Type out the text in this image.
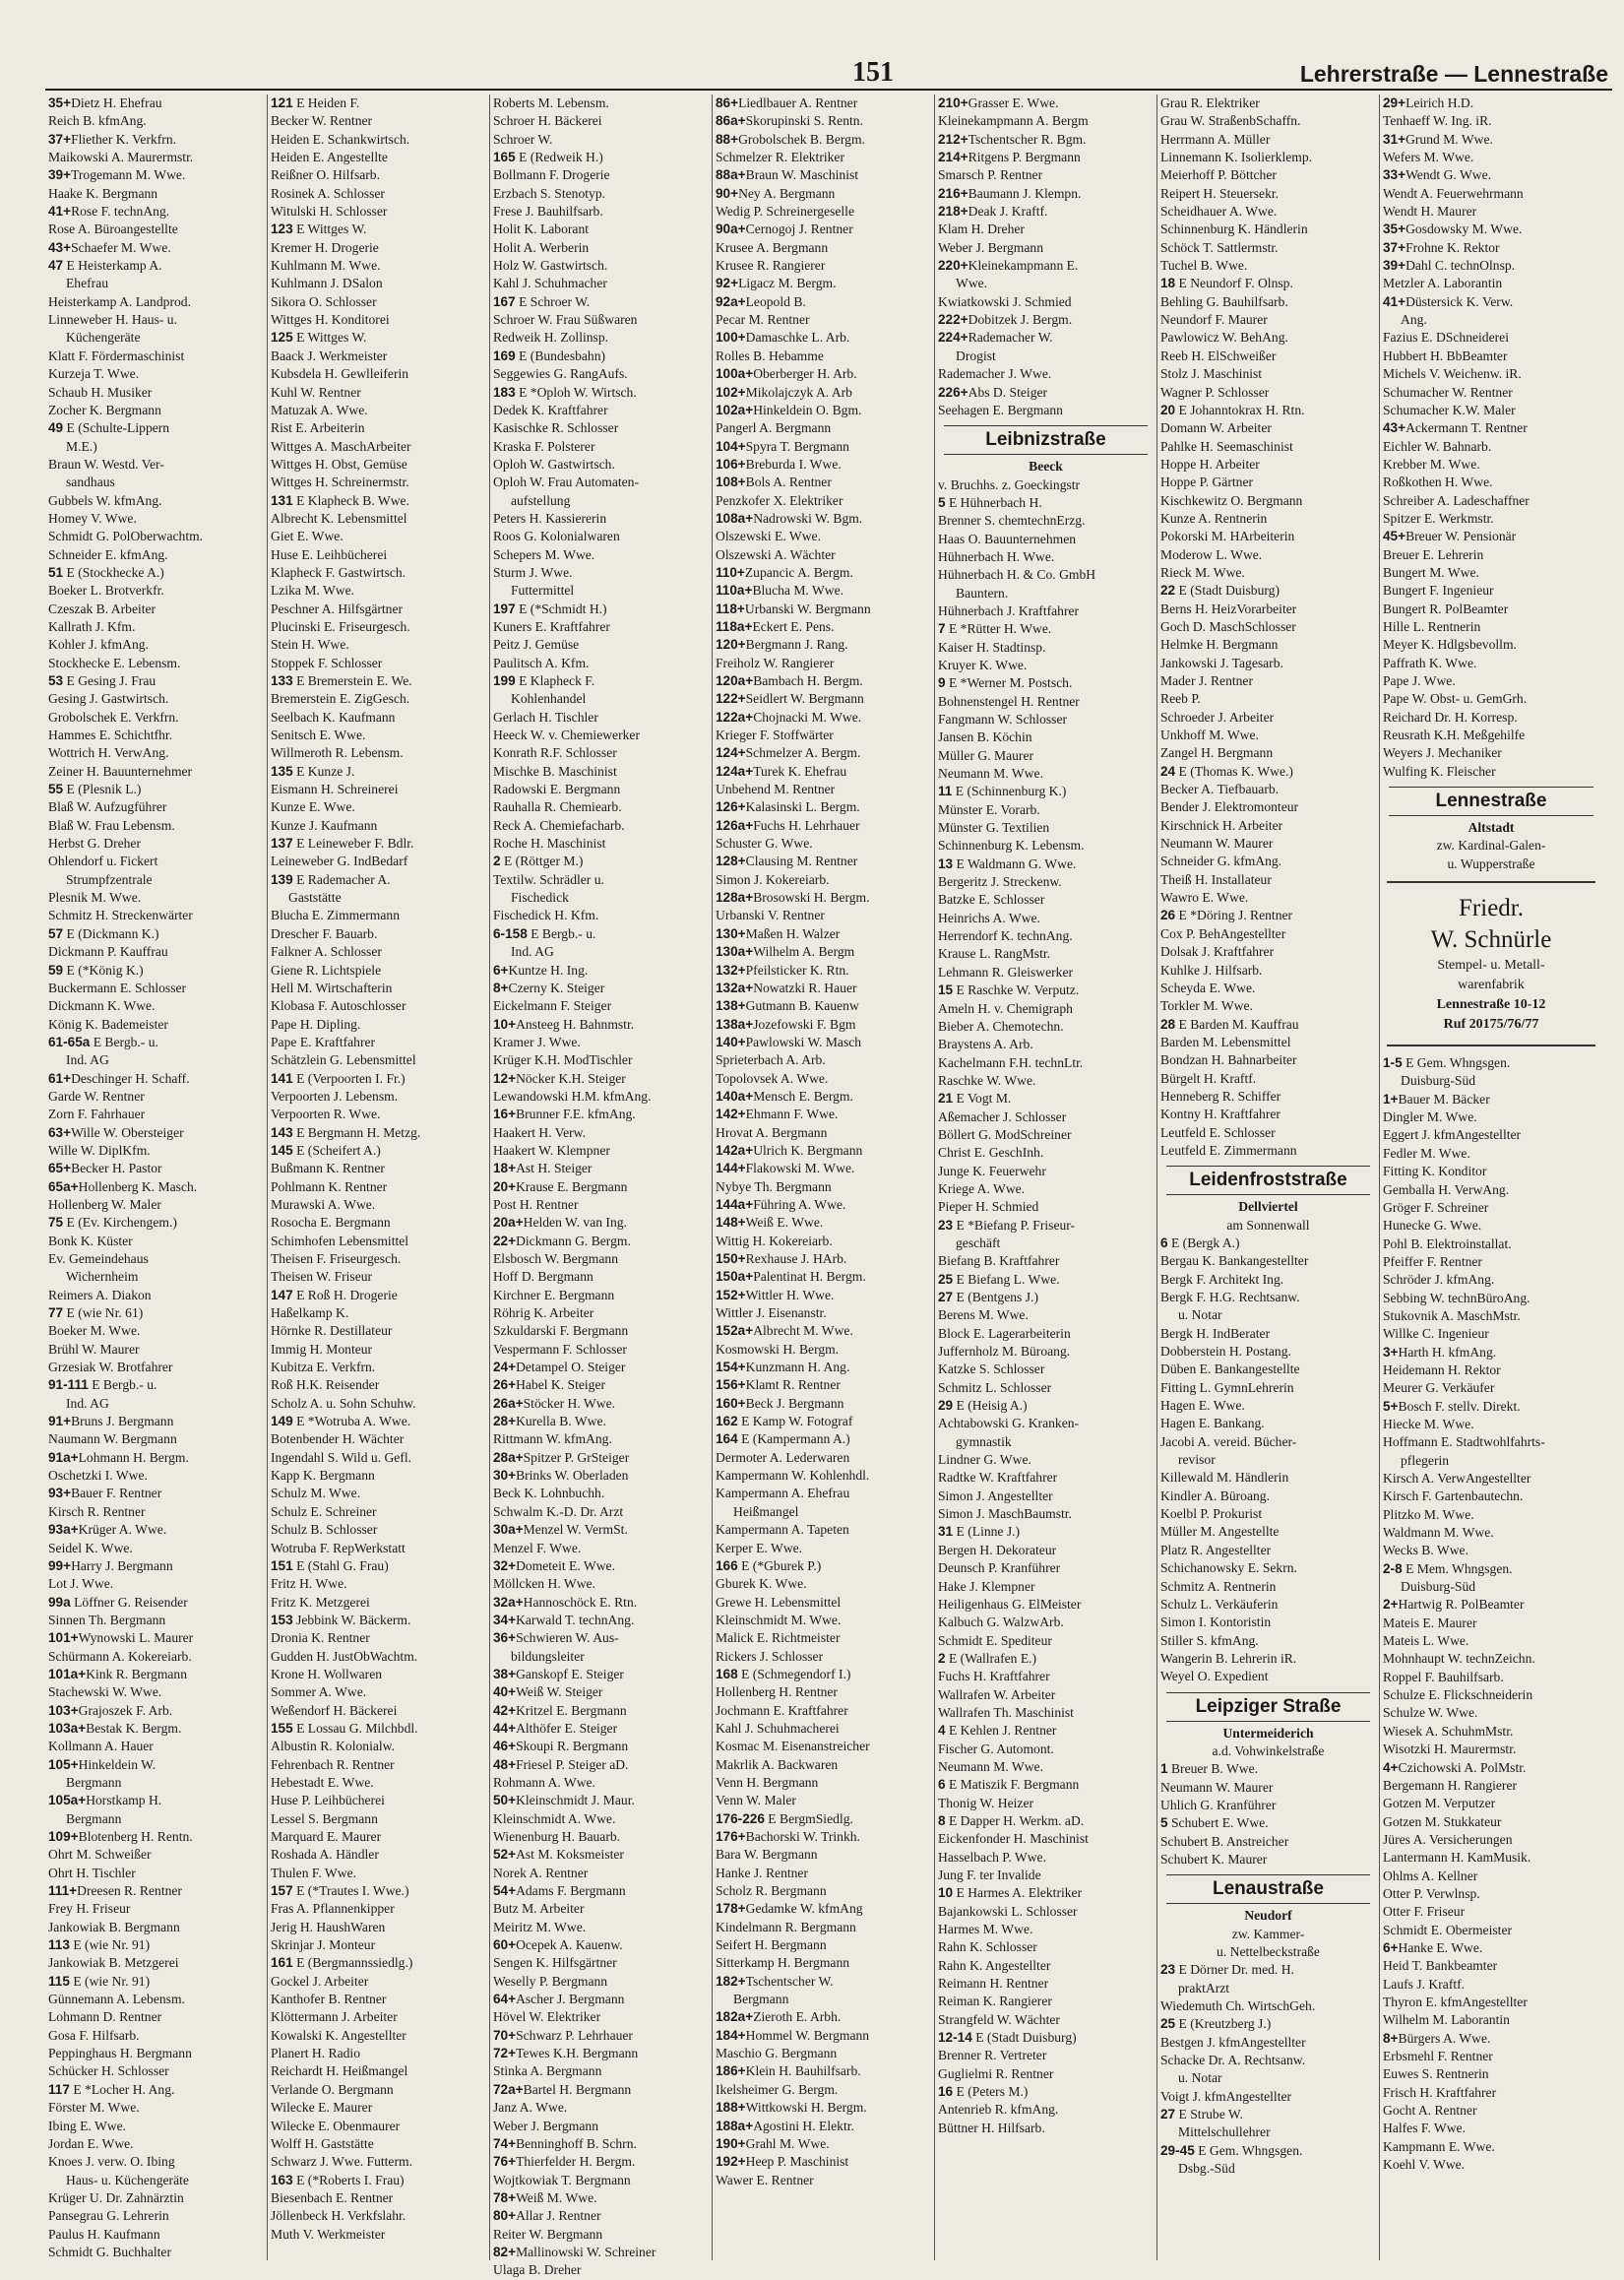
151	Lehrerstraße — Lennestraße
35+Dietz H. Ehefrau
Reich B. kfmAng.
37+Fliether K. Verkfrn.
Maikowski A. Maurermstr.
39+Trogemann M. Wwe.
Haake K. Bergmann
41+Rose F. technAng.
Rose A. Büroangestellte
43+Schaefer M. Wwe.
47 E Heisterkamp A.
Ehefrau
Heisterkamp A. Landprod.
Linneweber H. Haus- u.
Küchengeräte
Klatt F. Fördermaschinist
Kurzeja T. Wwe.
Schaub H. Musiker
Zocher K. Bergmann
49 E (Schulte-Lippern
M.E.)
Braun W. Westd. Ver-
sandhaus
Gubbels W. kfmAng.
Homey V. Wwe.
Schmidt G. PolOberwachtm.
Schneider E. kfmAng.
51 E (Stockhecke A.)
Boeker L. Brotverkfr.
Czeszak B. Arbeiter
Kallrath J. Kfm.
Kohler J. kfmAng.
Stockhecke E. Lebensm.
53 E Gesing J. Frau
Gesing J. Gastwirtsch.
Grobolschek E. Verkfrn.
Hammes E. Schichtfhr.
Wottrich H. VerwAng.
Zeiner H. Bauunternehmer
55 E (Plesnik L.)
Blaß W. Aufzugführer
Blaß W. Frau Lebensm.
Herbst G. Dreher
Ohlendorf u. Fickert
Strumpfzentrale
Plesnik M. Wwe.
Schmitz H. Streckenwärter
57 E (Dickmann K.)
Dickmann P. Kauffrau
59 E (*König K.)
Buckermann E. Schlosser
Dickmann K. Wwe.
König K. Bademeister
61-65a E Bergb.- u.
Ind. AG
61+Deschinger H. Schaff.
Garde W. Rentner
Zorn F. Fahrhauer
63+Wille W. Obersteiger
Wille W. DiplKfm.
65+Becker H. Pastor
65a+Hollenberg K. Masch.
Hollenberg W. Maler
75 E (Ev. Kirchengem.)
Bonk K. Küster
Ev. Gemeindehaus
Wichernheim
Reimers A. Diakon
77 E (wie Nr. 61)
Boeker M. Wwe.
Brühl W. Maurer
Grzesiak W. Brotfahrer
91-111 E Bergb.- u.
Ind. AG
91+Bruns J. Bergmann
Naumann W. Bergmann
91a+Lohmann H. Bergm.
Oschetzki I. Wwe.
93+Bauer F. Rentner
Kirsch R. Rentner
93a+Krüger A. Wwe.
Seidel K. Wwe.
99+Harry J. Bergmann
Lot J. Wwe.
99a Löffner G. Reisender
Sinnen Th. Bergmann
101+Wynowski L. Maurer
Schürmann A. Kokereiarb.
101a+Kink R. Bergmann
Stachewski W. Wwe.
103+Grajoszek F. Arb.
103a+Bestak K. Bergm.
Kollmann A. Hauer
105+Hinkeldein W.
Bergmann
105a+Horstkamp H.
Bergmann
109+Blotenberg H. Rentn.
Ohrt M. Schweißer
Ohrt H. Tischler
111+Dreesen R. Rentner
Frey H. Friseur
Jankowiak B. Bergmann
113 E (wie Nr. 91)
Jankowiak B. Metzgerei
115 E (wie Nr. 91)
Günnemann A. Lebensm.
Lohmann D. Rentner
Gosa F. Hilfsarb.
Peppinghaus H. Bergmann
Schücker H. Schlosser
117 E *Locher H. Ang.
Förster M. Wwe.
Ibing E. Wwe.
Jordan E. Wwe.
Knoes J. verw. O. Ibing
Haus- u. Küchengeräte
Krüger U. Dr. Zahnärztin
Pansegrau G. Lehrerin
Paulus H. Kaufmann
Schmidt G. Buchhalter
121 E Heiden F.
Becker W. Rentner
Heiden E. Schankwirtsch.
Heiden E. Angestellte
Reißner O. Hilfsarb.
Rosinek A. Schlosser
Witulski H. Schlosser
123 E Wittges W.
Kremer H. Drogerie
Kuhlmann M. Wwe.
Kuhlmann J. DSalon
Sikora O. Schlosser
Wittges H. Konditorei
125 E Wittges W.
Baack J. Werkmeister
Kubsdela H. Gewlleiferin
Kuhl W. Rentner
Matuzak A. Wwe.
Rist E. Arbeiterin
Wittges A. MaschArbeiter
Wittges H. Obst, Gemüse
Wittges H. Schreinermstr.
131 E Klapheck B. Wwe.
Albrecht K. Lebensmittel
Giet E. Wwe.
Huse E. Leihbücherei
Klapheck F. Gastwirtsch.
Lzika M. Wwe.
Peschner A. Hilfsgärtner
Plucinski E. Friseurgesch.
Stein H. Wwe.
Stoppek F. Schlosser
133 E Bremerstein E. We.
Bremerstein E. ZigGesch.
Seelbach K. Kaufmann
Senitsch E. Wwe.
Willmeroth R. Lebensm.
135 E Kunze J.
Eismann H. Schreinerei
Kunze E. Wwe.
Kunze J. Kaufmann
137 E Leineweber F. Bdlr.
Leineweber G. IndBedarf
139 E Rademacher A.
Gaststätte
Blucha E. Zimmermann
Drescher F. Bauarb.
Falkner A. Schlosser
Giene R. Lichtspiele
Hell M. Wirtschafterin
Klobasa F. Autoschlosser
Pape H. Dipling.
Pape E. Kraftfahrer
Schätzlein G. Lebensmittel
141 E (Verpoorten I. Fr.)
Verpoorten J. Lebensm.
Verpoorten R. Wwe.
143 E Bergmann H. Metzg.
145 E (Scheifert A.)
Bußmann K. Rentner
Pohlmann K. Rentner
Murawski A. Wwe.
Rosocha E. Bergmann
Schimhofen Lebensmittel
Theisen F. Friseurgesch.
Theisen W. Friseur
147 E Roß H. Drogerie
Haßelkamp K.
Hörnke R. Destillateur
Immig H. Monteur
Kubitza E. Verkfrn.
Roß H.K. Reisender
Scholz A. u. Sohn Schuhw.
149 E *Wotruba A. Wwe.
Botenbender H. Wächter
Ingendahl S. Wild u. Gefl.
Kapp K. Bergmann
Schulz M. Wwe.
Schulz E. Schreiner
Schulz B. Schlosser
Wotruba F. RepWerkstatt
151 E (Stahl G. Frau)
Fritz H. Wwe.
Fritz K. Metzgerei
153 Jebbink W. Bäckerm.
Dronia K. Rentner
Gudden H. JustObWachtm.
Krone H. Wollwaren
Sommer A. Wwe.
Weßendorf H. Bäckerei
155 E Lossau G. Milchbdl.
Albustin R. Kolonialw.
Fehrenbach R. Rentner
Hebestadt E. Wwe.
Huse P. Leihbücherei
Lessel S. Bergmann
Marquard E. Maurer
Roshada A. Händler
Thulen F. Wwe.
157 E (*Trautes I. Wwe.)
Fras A. Pflannenkipper
Jerig H. HaushWaren
Skrinjar J. Monteur
161 E (Bergmannssiedlg.)
Gockel J. Arbeiter
Kanthofer B. Rentner
Klöttermann J. Arbeiter
Kowalski K. Angestellter
Planert H. Radio
Reichardt H. Heißmangel
Verlande O. Bergmann
Wilecke E. Maurer
Wilecke E. Obenmaurer
Wolff H. Gaststätte
Schwarz J. Wwe. Futterm.
163 E (*Roberts I. Frau)
Biesenbach E. Rentner
Jöllenbeck H. Verkfslahr.
Muth V. Werkmeister
Roberts M. Lebensm.
Schroer H. Bäckerei
Schroer W.
165 E (Redweik H.)
Bollmann F. Drogerie
Erzbach S. Stenotyp.
Frese J. Bauhilfsarb.
Holit K. Laborant
Holit A. Werberin
Holz W. Gastwirtsch.
Kahl J. Schuhmacher
167 E Schroer W.
Schroer W. Frau Süßwaren
Redweik H. Zollinsp.
169 E (Bundesbahn)
Seggewies G. RangAufs.
183 E *Oploh W. Wirtsch.
Dedek K. Kraftfahrer
Kasischke R. Schlosser
Kraska F. Polsterer
Oploh W. Gastwirtsch.
Oploh W. Frau Automaten-
aufstellung
Peters H. Kassiererin
Roos G. Kolonialwaren
Schepers M. Wwe.
Sturm J. Wwe.
Futtermittel
197 E (*Schmidt H.)
Kuners E. Kraftfahrer
Peitz J. Gemüse
Paulitsch A. Kfm.
199 E Klapheck F.
Kohlenhandel
Gerlach H. Tischler
Heeck W. v. Chemiewerker
Konrath R.F. Schlosser
Mischke B. Maschinist
Radowski E. Bergmann
Rauhalla R. Chemiearb.
Reck A. Chemiefacharb.
Roche H. Maschinist
2 E (Röttger M.)
Textilw. Schrädler u.
Fischedick
Fischedick H. Kfm.
6-158 E Bergb.- u.
Ind. AG
6+Kuntze H. Ing.
8+Czerny K. Steiger
Eickelmann F. Steiger
10+Ansteeg H. Bahnmstr.
Kramer J. Wwe.
Krüger K.H. ModTischler
12+Nöcker K.H. Steiger
Lewandowski H.M. kfmAng.
16+Brunner F.E. kfmAng.
Haakert H. Verw.
Haakert W. Klempner
18+Ast H. Steiger
20+Krause E. Bergmann
Post H. Rentner
20a+Helden W. van Ing.
22+Dickmann G. Bergm.
Elsbosch W. Bergmann
Hoff D. Bergmann
Kirchner E. Bergmann
Röhrig K. Arbeiter
Szkuldarski F. Bergmann
Vespermann F. Schlosser
24+Detampel O. Steiger
26+Habel K. Steiger
26a+Stöcker H. Wwe.
28+Kurella B. Wwe.
Rittmann W. kfmAng.
28a+Spitzer P. GrSteiger
30+Brinks W. Oberladen
Beck K. Lohnbuchh.
Schwalm K.-D. Dr. Arzt
30a+Menzel W. VermSt.
Menzel F. Wwe.
32+Dometeit E. Wwe.
Möllcken H. Wwe.
32a+Hannoschöck E. Rtn.
34+Karwald T. technAng.
36+Schwieren W. Aus-
bildungsleiter
38+Ganskopf E. Steiger
40+Weiß W. Steiger
42+Kritzel E. Bergmann
44+Althöfer E. Steiger
46+Skoupi R. Bergmann
48+Friesel P. Steiger aD.
Rohmann A. Wwe.
50+Kleinschmidt J. Maur.
Kleinschmidt A. Wwe.
Wienenburg H. Bauarb.
52+Ast M. Koksmeister
Norek A. Rentner
54+Adams F. Bergmann
Butz M. Arbeiter
Meiritz M. Wwe.
60+Ocepek A. Kauenw.
Sengen K. Hilfsgärtner
Weselly P. Bergmann
64+Ascher J. Bergmann
Hövel W. Elektriker
70+Schwarz P. Lehrhauer
72+Tewes K.H. Bergmann
Stinka A. Bergmann
72a+Bartel H. Bergmann
Janz A. Wwe.
Weber J. Bergmann
74+Benninghoff B. Schrn.
76+Thierfelder H. Bergm.
Wojtkowiak T. Bergmann
78+Weiß M. Wwe.
80+Allar J. Rentner
Reiter W. Bergmann
82+Mallinowski W. Schreiner
Ulaga B. Dreher
86+Liedlbauer A. Rentner
86a+Skorupinski S. Rentn.
88+Grobolschek B. Bergm.
Schmelzer R. Elektriker
88a+Braun W. Maschinist
90+Ney A. Bergmann
Wedig P. Schreinergeselle
90a+Cernogoj J. Rentner
Krusee A. Bergmann
Krusee R. Rangierer
92+Ligacz M. Bergm.
92a+Leopold B.
Pecar M. Rentner
100+Damaschke L. Arb.
Rolles B. Hebamme
100a+Oberberger H. Arb.
102+Mikolajczyk A. Arb
102a+Hinkeldein O. Bgm.
Pangerl A. Bergmann
104+Spyra T. Bergmann
106+Breburda I. Wwe.
108+Bols A. Rentner
Penzkofer X. Elektriker
108a+Nadrowski W. Bgm.
Olszewski E. Wwe.
Olszewski A. Wächter
110+Zupancic A. Bergm.
110a+Blucha M. Wwe.
118+Urbanski W. Bergmann
118a+Eckert E. Pens.
120+Bergmann J. Rang.
Freiholz W. Rangierer
120a+Bambach H. Bergm.
122+Seidlert W. Bergmann
122a+Chojnacki M. Wwe.
Krieger F. Stoffwärter
124+Schmelzer A. Bergm.
124a+Turek K. Ehefrau
Unbehend M. Rentner
126+Kalasinski L. Bergm.
126a+Fuchs H. Lehrhauer
Schuster G. Wwe.
128+Clausing M. Rentner
Simon J. Kokereiarb.
128a+Brosowski H. Bergm.
Urbanski V. Rentner
130+Maßen H. Walzer
130a+Wilhelm A. Bergm
132+Pfeilsticker K. Rtn.
132a+Nowatzki R. Hauer
138+Gutmann B. Kauenw
138a+Jozefowski F. Bgm
140+Pawlowski W. Masch
Sprieterbach A. Arb.
Topolovsek A. Wwe.
140a+Mensch E. Bergm.
142+Ehmann F. Wwe.
Hrovat A. Bergmann
142a+Ulrich K. Bergmann
144+Flakowski M. Wwe.
Nybye Th. Bergmann
144a+Führing A. Wwe.
148+Weiß E. Wwe.
Wittig H. Kokereiarb.
150+Rexhause J. HArb.
150a+Palentinat H. Bergm.
152+Wittler H. Wwe.
Wittler J. Eisenanstr.
152a+Albrecht M. Wwe.
Kosmowski H. Bergm.
154+Kunzmann H. Ang.
156+Klamt R. Rentner
160+Beck J. Bergmann
162 E Kamp W. Fotograf
164 E (Kampermann A.)
Dermoter A. Lederwaren
Kampermann W. Kohlenhdl.
Kampermann A. Ehefrau
Heißmangel
Kampermann A. Tapeten
Kerper E. Wwe.
166 E (*Gburek P.)
Gburek K. Wwe.
Grewe H. Lebensmittel
Kleinschmidt M. Wwe.
Malick E. Richtmeister
Rickers J. Schlosser
168 E (Schmegendorf I.)
Hollenberg H. Rentner
Jochmann E. Kraftfahrer
Kahl J. Schuhmacherei
Kosmac M. Eisenanstreicher
Makrlik A. Backwaren
Venn H. Bergmann
Venn W. Maler
176-226 E BergmSiedlg.
176+Bachorski W. Trinkh.
Bara W. Bergmann
Hanke J. Rentner
Scholz R. Bergmann
178+Gedamke W. kfmAng
Kindelmann R. Bergmann
Seifert H. Bergmann
Sitterkamp H. Bergmann
182+Tschentscher W.
Bergmann
182a+Zieroth E. Arbh.
184+Hommel W. Bergmann
Maschio G. Bergmann
186+Klein H. Bauhilfsarb.
Ikelsheimer G. Bergm.
188+Wittkowski H. Bergm.
188a+Agostini H. Elektr.
190+Grahl M. Wwe.
192+Heep P. Maschinist
Wawer E. Rentner
210+Grasser E. Wwe.
Kleinekampmann A. Bergm
212+Tschentscher R. Bgm.
214+Ritgens P. Bergmann
Smarsch P. Rentner
216+Baumann J. Klempn.
218+Deak J. Kraftf.
Klam H. Dreher
Weber J. Bergmann
220+Kleinekampmann E.
Wwe.
Kwiatkowski J. Schmied
222+Dobitzek J. Bergm.
224+Rademacher W.
Drogist
Rademacher J. Wwe.
226+Abs D. Steiger
Seehagen E. Bergmann
Leibnizstraße
Beeck
v. Bruchhs. z. Goeckingstr
5 E Hühnerbach H.
Brenner S. chemtechnErzg.
Haas O. Bauunternehmen
Hühnerbach H. Wwe.
Hühnerbach H. & Co. GmbH
Bauntern.
Hühnerbach J. Kraftfahrer
7 E *Rütter H. Wwe.
Kaiser H. Stadtinsp.
Kruyer K. Wwe.
9 E *Werner M. Postsch.
Bohnenstengel H. Rentner
Fangmann W. Schlosser
Jansen B. Köchin
Müller G. Maurer
Neumann M. Wwe.
11 E (Schinnenburg K.)
Münster E. Vorarb.
Münster G. Textilien
Schinnenburg K. Lebensm.
13 E Waldmann G. Wwe.
Bergeritz J. Streckenw.
Batzke E. Schlosser
Heinrichs A. Wwe.
Herrendorf K. technAng.
Krause L. RangMstr.
Lehmann R. Gleiswerker
15 E Raschke W. Verputz.
Ameln H. v. Chemigraph
Bieber A. Chemotechn.
Braystens A. Arb.
Kachelmann F.H. technLtr.
Raschke W. Wwe.
21 E Vogt M.
Aßemacher J. Schlosser
Böllert G. ModSchreiner
Christ E. GeschInh.
Junge K. Feuerwehr
Kriege A. Wwe.
Pieper H. Schmied
23 E *Biefang P. Friseur-
geschäft
Biefang B. Kraftfahrer
25 E Biefang L. Wwe.
27 E (Bentgens J.)
Berens M. Wwe.
Block E. Lagerarbeiterin
Juffernholz M. Büroang.
Katzke S. Schlosser
Schmitz L. Schlosser
29 E (Heisig A.)
Achtabowski G. Kranken-
gymnastik
Lindner G. Wwe.
Radtke W. Kraftfahrer
Simon J. Angestellter
Simon J. MaschBaumstr.
31 E (Linne J.)
Bergen H. Dekorateur
Deunsch P. Kranführer
Hake J. Klempner
Heiligenhaus G. ElMeister
Kalbuch G. WalzwArb.
Schmidt E. Spediteur
2 E (Wallrafen E.)
Fuchs H. Kraftfahrer
Wallrafen W. Arbeiter
Wallrafen Th. Maschinist
4 E Kehlen J. Rentner
Fischer G. Automont.
Neumann M. Wwe.
6 E Matiszik F. Bergmann
Thonig W. Heizer
8 E Dapper H. Werkm. aD.
Eickenfonder H. Maschinist
Hasselbach P. Wwe.
Jung F. ter Invalide
10 E Harmes A. Elektriker
Bajankowski L. Schlosser
Harmes M. Wwe.
Rahn K. Schlosser
Rahn K. Angestellter
Reimann H. Rentner
Reiman K. Rangierer
Strangfeld W. Wächter
12-14 E (Stadt Duisburg)
Brenner R. Vertreter
Guglielmi R. Rentner
16 E (Peters M.)
Antenrieb R. kfmAng.
Büttner H. Hilfsarb.
Grau R. Elektriker
Grau W. StraßenbSchaffn.
Herrmann A. Müller
Linnemann K. Isolierklemp.
Meierhoff P. Böttcher
Reipert H. Steuersekr.
Scheidhauer A. Wwe.
Schinnenburg K. Händlerin
Schöck T. Sattlermstr.
Tuchel B. Wwe.
18 E Neundorf F. Olnsp.
Behling G. Bauhilfsarb.
Neundorf F. Maurer
Pawlowicz W. BehAng.
Reeb H. ElSchweißer
Stolz J. Maschinist
Wagner P. Schlosser
20 E Johanntokrax H. Rtn.
Domann W. Arbeiter
Pahlke H. Seemaschinist
Hoppe H. Arbeiter
Hoppe P. Gärtner
Kischkewitz O. Bergmann
Kunze A. Rentnerin
Pokorski M. HArbeiterin
Moderow L. Wwe.
Rieck M. Wwe.
22 E (Stadt Duisburg)
Berns H. HeizVorarbeiter
Goch D. MaschSchlosser
Helmke H. Bergmann
Jankowski J. Tagesarb.
Mader J. Rentner
Reeb P.
Schroeder J. Arbeiter
Unkhoff M. Wwe.
Zangel H. Bergmann
24 E (Thomas K. Wwe.)
Becker A. Tiefbauarb.
Bender J. Elektromonteur
Kirschnick H. Arbeiter
Neumann W. Maurer
Schneider G. kfmAng.
Theiß H. Installateur
Wawro E. Wwe.
26 E *Döring J. Rentner
Cox P. BehAngestellter
Dolsak J. Kraftfahrer
Kuhlke J. Hilfsarb.
Scheyda E. Wwe.
Torkler M. Wwe.
28 E Barden M. Kauffrau
Barden M. Lebensmittel
Bondzan H. Bahnarbeiter
Bürgelt H. Kraftf.
Henneberg R. Schiffer
Kontny H. Kraftfahrer
Leutfeld E. Schlosser
Leutfeld E. Zimmermann
Leidenfroststraße
Dellviertel
am Sonnenwall
6 E (Bergk A.)
Bergau K. Bankangestellter
Bergk F. Architekt Ing.
Bergk F. H.G. Rechtsanw.
u. Notar
Bergk H. IndBerater
Dobberstein H. Postang.
Düben E. Bankangestellte
Fitting L. GymnLehrerin
Hagen E. Wwe.
Hagen E. Bankang.
Jacobi A. vereid. Bücher-
revisor
Killewald M. Händlerin
Kindler A. Büroang.
Koelbl P. Prokurist
Müller M. Angestellte
Platz R. Angestellter
Schichanowsky E. Sekrn.
Schmitz A. Rentnerin
Schulz L. Verkäuferin
Simon I. Kontoristin
Stiller S. kfmAng.
Wangerin B. Lehrerin iR.
Weyel O. Expedient
Leipziger Straße
Untermeiderich
a.d. Vohwinkelstraße
1 Breuer B. Wwe.
Neumann W. Maurer
Uhlich G. Kranführer
5 Schubert E. Wwe.
Schubert B. Anstreicher
Schubert K. Maurer
Lenaustraße
Neudorf
zw. Kammer-
u. Nettelbeckstraße
23 E Dörner Dr. med. H.
praktArzt
Wiedemuth Ch. WirtschGeh.
25 E (Kreutzberg J.)
Bestgen J. kfmAngestellter
Schacke Dr. A. Rechtsanw.
u. Notar
Voigt J. kfmAngestellter
27 E Strube W.
Mittelschullehrer
29-45 E Gem. Whngsgen.
Dsbg.-Süd
29+Leirich H.D.
Tenhaeff W. Ing. iR.
31+Grund M. Wwe.
Wefers M. Wwe.
33+Wendt G. Wwe.
Wendt A. Feuerwehrmann
Wendt H. Maurer
35+Gosdowsky M. Wwe.
37+Frohne K. Rektor
39+Dahl C. technOlnsp.
Metzler A. Laborantin
41+Düstersick K. Verw.
Ang.
Fazius E. DSchneiderei
Hubbert H. BbBeamter
Michels V. Weichenw. iR.
Schumacher W. Rentner
Schumacher K.W. Maler
43+Ackermann T. Rentner
Eichler W. Bahnarb.
Krebber M. Wwe.
Roßkothen H. Wwe.
Schreiber A. Ladeschaffner
Spitzer E. Werkmstr.
45+Breuer W. Pensionär
Breuer E. Lehrerin
Bungert M. Wwe.
Bungert F. Ingenieur
Bungert R. PolBeamter
Hille L. Rentnerin
Meyer K. Hdlgsbevollm.
Paffrath K. Wwe.
Pape J. Wwe.
Pape W. Obst- u. GemGrh.
Reichard Dr. H. Korresp.
Reusrath K.H. Meßgehilfe
Weyers J. Mechaniker
Wulfing K. Fleischer
Lennestraße
Altstadt
zw. Kardinal-Galen-
u. Wupperstraße
Friedr.
W. Schnürle
Stempel- u. Metall-
warenfabrik
Lennestraße 10-12
Ruf 20175/76/77
1-5 E Gem. Whngsgen.
Duisburg-Süd
1+Bauer M. Bäcker
Dingler M. Wwe.
Eggert J. kfmAngestellter
Fedler M. Wwe.
Fitting K. Konditor
Gemballa H. VerwAng.
Gröger F. Schreiner
Hunecke G. Wwe.
Pohl B. Elektroinstallat.
Pfeiffer F. Rentner
Schröder J. kfmAng.
Sebbing W. technBüroAng.
Stukovnik A. MaschMstr.
Willke C. Ingenieur
3+Harth H. kfmAng.
Heidemann H. Rektor
Meurer G. Verkäufer
5+Bosch F. stellv. Direkt.
Hiecke M. Wwe.
Hoffmann E. Stadtwohlfahrts-
pflegerin
Kirsch A. VerwAngestellter
Kirsch F. Gartenbautechn.
Plitzko M. Wwe.
Waldmann M. Wwe.
Wecks B. Wwe.
2-8 E Mem. Whngsgen.
Duisburg-Süd
2+Hartwig R. PolBeamter
Mateis E. Maurer
Mateis L. Wwe.
Mohnhaupt W. technZeichn.
Roppel F. Bauhilfsarb.
Schulze E. Flickschneiderin
Schulze W. Wwe.
Wiesek A. SchuhmMstr.
Wisotzki H. Maurermstr.
4+Czichowski A. PolMstr.
Bergemann H. Rangierer
Gotzen M. Verputzer
Gotzen M. Stukkateur
Jüres A. Versicherungen
Lantermann H. KamMusik.
Ohlms A. Kellner
Otter P. Verwlnsp.
Otter F. Friseur
Schmidt E. Obermeister
6+Hanke E. Wwe.
Heid T. Bankbeamter
Laufs J. Kraftf.
Thyron E. kfmAngestellter
Wilhelm M. Laborantin
8+Bürgers A. Wwe.
Erbsmehl F. Rentner
Euwes S. Rentnerin
Frisch H. Kraftfahrer
Gocht A. Rentner
Halfes F. Wwe.
Kampmann E. Wwe.
Koehl V. Wwe.
